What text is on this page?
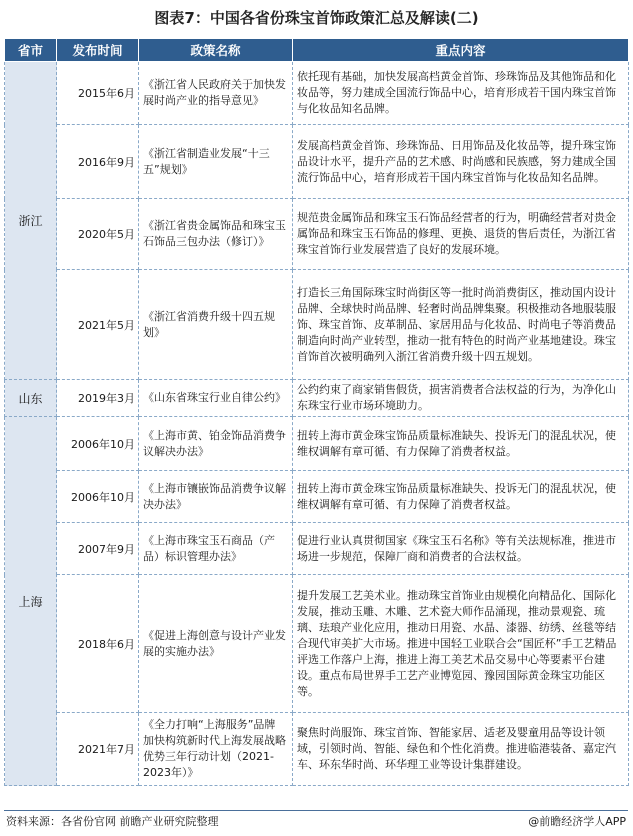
图表7：中国各省份珠宝首饰政策汇总及解读(二)
省市	发布时间	政策名称	重点内容
浙江	2015年6月	《浙江省人民政府关于加快发展时尚产业的指导意见》	依托现有基础，加快发展高档黄金首饰、珍珠饰品及其他饰品和化妆品等，努力建成全国流行饰品中心，培育形成若干国内珠宝首饰与化妆品知名品牌。
	2016年9月	《浙江省制造业发展“十三五”规划》	发展高档黄金首饰、珍珠饰品、日用饰品及化妆品等，提升珠宝饰品设计水平，提升产品的艺术感、时尚感和民族感，努力建成全国流行饰品中心，培育形成若干国内珠宝首饰与化妆品知名品牌。
	2020年5月	《浙江省贵金属饰品和珠宝玉石饰品三包办法（修订）》	规范贵金属饰品和珠宝玉石饰品经营者的行为，明确经营者对贵金属饰品和珠宝玉石饰品的修理、更换、退货的售后责任，为浙江省珠宝首饰行业发展营造了良好的发展环境。
	2021年5月	《浙江省消费升级十四五规划》	打造长三角国际珠宝时尚街区等一批时尚消费街区，推动国内设计品牌、全球快时尚品牌、轻奢时尚品牌集聚。积极推动各地服装服饰、珠宝首饰、皮革制品、家居用品与化妆品、时尚电子等消费品制造向时尚产业转型，推动一批有特色的时尚产业基地建设。珠宝首饰首次被明确列入浙江省消费升级十四五规划。
山东	2019年3月	《山东省珠宝行业自律公约》	公约约束了商家销售假货，损害消费者合法权益的行为，为净化山东珠宝行业市场环境助力。
上海	2006年10月	《上海市黄、铂金饰品消费争议解决办法》	扭转上海市黄金珠宝饰品质量标准缺失、投诉无门的混乱状况，使维权调解有章可循、有力保障了消费者权益。
	2006年10月	《上海市镶嵌饰品消费争议解决办法》	扭转上海市黄金珠宝饰品质量标准缺失、投诉无门的混乱状况，使维权调解有章可循、有力保障了消费者权益。
	2007年9月	《上海市珠宝玉石商品（产品）标识管理办法》	促进行业认真贯彻国家《珠宝玉石名称》等有关法规标准，推进市场进一步规范，保障厂商和消费者的合法权益。
	2018年6月	《促进上海创意与设计产业发展的实施办法》	提升发展工艺美术业。推动珠宝首饰业由规模化向精品化、国际化发展，推动玉雕、木雕、艺术瓷大师作品涌现，推动景观瓷、琉璃、珐琅产业化应用，推动日用瓷、水晶、漆器、纺绣、丝毯等结合现代审美扩大市场。推进中国轻工业联合会“国匠杯”手工艺精品评选工作落户上海，推进上海工美艺术品交易中心等要素平台建设。重点布局世界手工艺产业博览园、豫园国际黄金珠宝功能区等。
	2021年7月	《全力打响“上海服务”品牌 加快构筑新时代上海发展战略优势三年行动计划（2021-2023年）》	聚焦时尚服饰、珠宝首饰、智能家居、适老及婴童用品等设计领域，引领时尚、智能、绿色和个性化消费。推进临港装备、嘉定汽车、环东华时尚、环华理工业等设计集群建设。
资料来源：各省份官网 前瞻产业研究院整理	@前瞻经济学人APP
